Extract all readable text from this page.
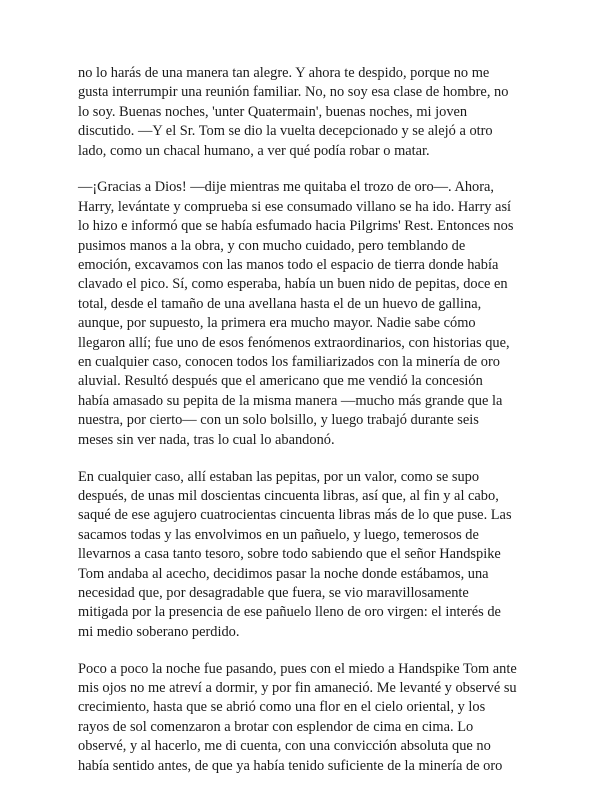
no lo harás de una manera tan alegre. Y ahora te despido, porque no me
gusta interrumpir una reunión familiar. No, no soy esa clase de hombre, no
lo soy. Buenas noches, 'unter Quatermain', buenas noches, mi joven
discutido. —Y el Sr. Tom se dio la vuelta decepcionado y se alejó a otro
lado, como un chacal humano, a ver qué podía robar o matar.

—¡Gracias a Dios! —dije mientras me quitaba el trozo de oro—. Ahora,
Harry, levántate y comprueba si ese consumado villano se ha ido. Harry así
lo hizo e informó que se había esfumado hacia Pilgrims' Rest. Entonces nos
pusimos manos a la obra, y con mucho cuidado, pero temblando de
emoción, excavamos con las manos todo el espacio de tierra donde había
clavado el pico. Sí, como esperaba, había un buen nido de pepitas, doce en
total, desde el tamaño de una avellana hasta el de un huevo de gallina,
aunque, por supuesto, la primera era mucho mayor. Nadie sabe cómo
llegaron allí; fue uno de esos fenómenos extraordinarios, con historias que,
en cualquier caso, conocen todos los familiarizados con la minería de oro
aluvial. Resultó después que el americano que me vendió la concesión
había amasado su pepita de la misma manera —mucho más grande que la
nuestra, por cierto— con un solo bolsillo, y luego trabajó durante seis
meses sin ver nada, tras lo cual lo abandonó.

En cualquier caso, allí estaban las pepitas, por un valor, como se supo
después, de unas mil doscientas cincuenta libras, así que, al fin y al cabo,
saqué de ese agujero cuatrocientas cincuenta libras más de lo que puse. Las
sacamos todas y las envolvimos en un pañuelo, y luego, temerosos de
llevarnos a casa tanto tesoro, sobre todo sabiendo que el señor Handspike
Tom andaba al acecho, decidimos pasar la noche donde estábamos, una
necesidad que, por desagradable que fuera, se vio maravillosamente
mitigada por la presencia de ese pañuelo lleno de oro virgen: el interés de
mi medio soberano perdido.

Poco a poco la noche fue pasando, pues con el miedo a Handspike Tom ante
mis ojos no me atreví a dormir, y por fin amaneció. Me levanté y observé su
crecimiento, hasta que se abrió como una flor en el cielo oriental, y los
rayos de sol comenzaron a brotar con esplendor de cima en cima. Lo
observé, y al hacerlo, me di cuenta, con una convicción absoluta que no
había sentido antes, de que ya había tenido suficiente de la minería de oro
